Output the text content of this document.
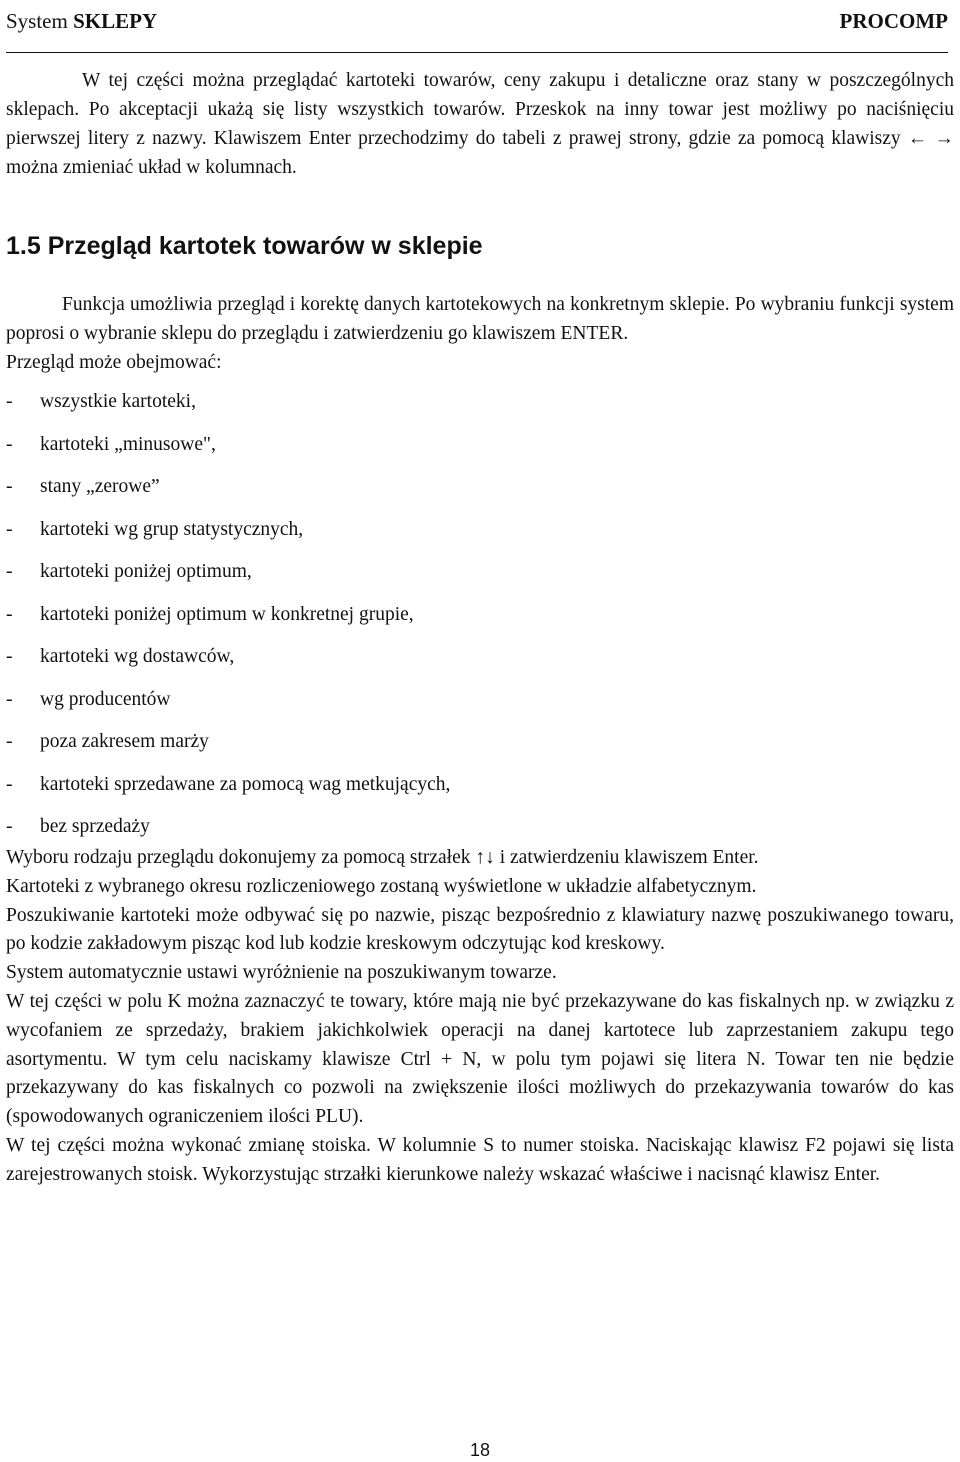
System SKLEPY	PROCOMP

W tej części można przeglądać kartoteki towarów, ceny zakupu i detaliczne oraz stany w poszczególnych sklepach. Po akceptacji ukażą się listy wszystkich towarów. Przeskok na inny towar jest możliwy po naciśnięciu pierwszej litery z nazwy. Klawiszem Enter przechodzimy do tabeli z prawej strony, gdzie za pomocą klawiszy ← → można zmieniać układ w kolumnach.

1.5 Przegląd kartotek towarów w sklepie

Funkcja umożliwia przegląd i korektę danych kartotekowych na konkretnym sklepie. Po wybraniu funkcji system poprosi o wybranie sklepu do przeglądu i zatwierdzeniu go klawiszem ENTER.

Przegląd może obejmować:

-	wszystkie kartoteki,
-	kartoteki „minusowe",
-	stany „zerowe”
-	kartoteki wg grup statystycznych,
-	kartoteki poniżej optimum,
-	kartoteki poniżej optimum w konkretnej grupie,
-	kartoteki wg dostawców,
-	wg producentów
-	poza zakresem marży
-	kartoteki sprzedawane za pomocą wag metkujących,
-	bez sprzedaży

Wyboru rodzaju przeglądu dokonujemy za pomocą strzałek ↑↓ i zatwierdzeniu klawiszem Enter.

Kartoteki z wybranego okresu rozliczeniowego zostaną wyświetlone w układzie alfabetycznym.

Poszukiwanie kartoteki może odbywać się po nazwie, pisząc bezpośrednio z klawiatury nazwę poszukiwanego towaru, po kodzie zakładowym pisząc kod lub kodzie kreskowym odczytując kod kreskowy.

System automatycznie ustawi wyróżnienie na poszukiwanym towarze.

W tej części w polu K można zaznaczyć te towary, które mają nie być przekazywane do kas fiskalnych np. w związku z wycofaniem ze sprzedaży, brakiem jakichkolwiek operacji na danej kartotece lub zaprzestaniem zakupu tego asortymentu. W tym celu naciskamy klawisze Ctrl + N, w polu tym pojawi się litera N. Towar ten nie będzie przekazywany do kas fiskalnych co pozwoli na zwiększenie ilości możliwych do przekazywania towarów do kas (spowodowanych ograniczeniem ilości PLU).

W tej części można wykonać zmianę stoiska. W kolumnie S to numer stoiska. Naciskając klawisz F2 pojawi się lista zarejestrowanych stoisk. Wykorzystując strzałki kierunkowe należy wskazać właściwe i nacisnąć klawisz Enter.

18
